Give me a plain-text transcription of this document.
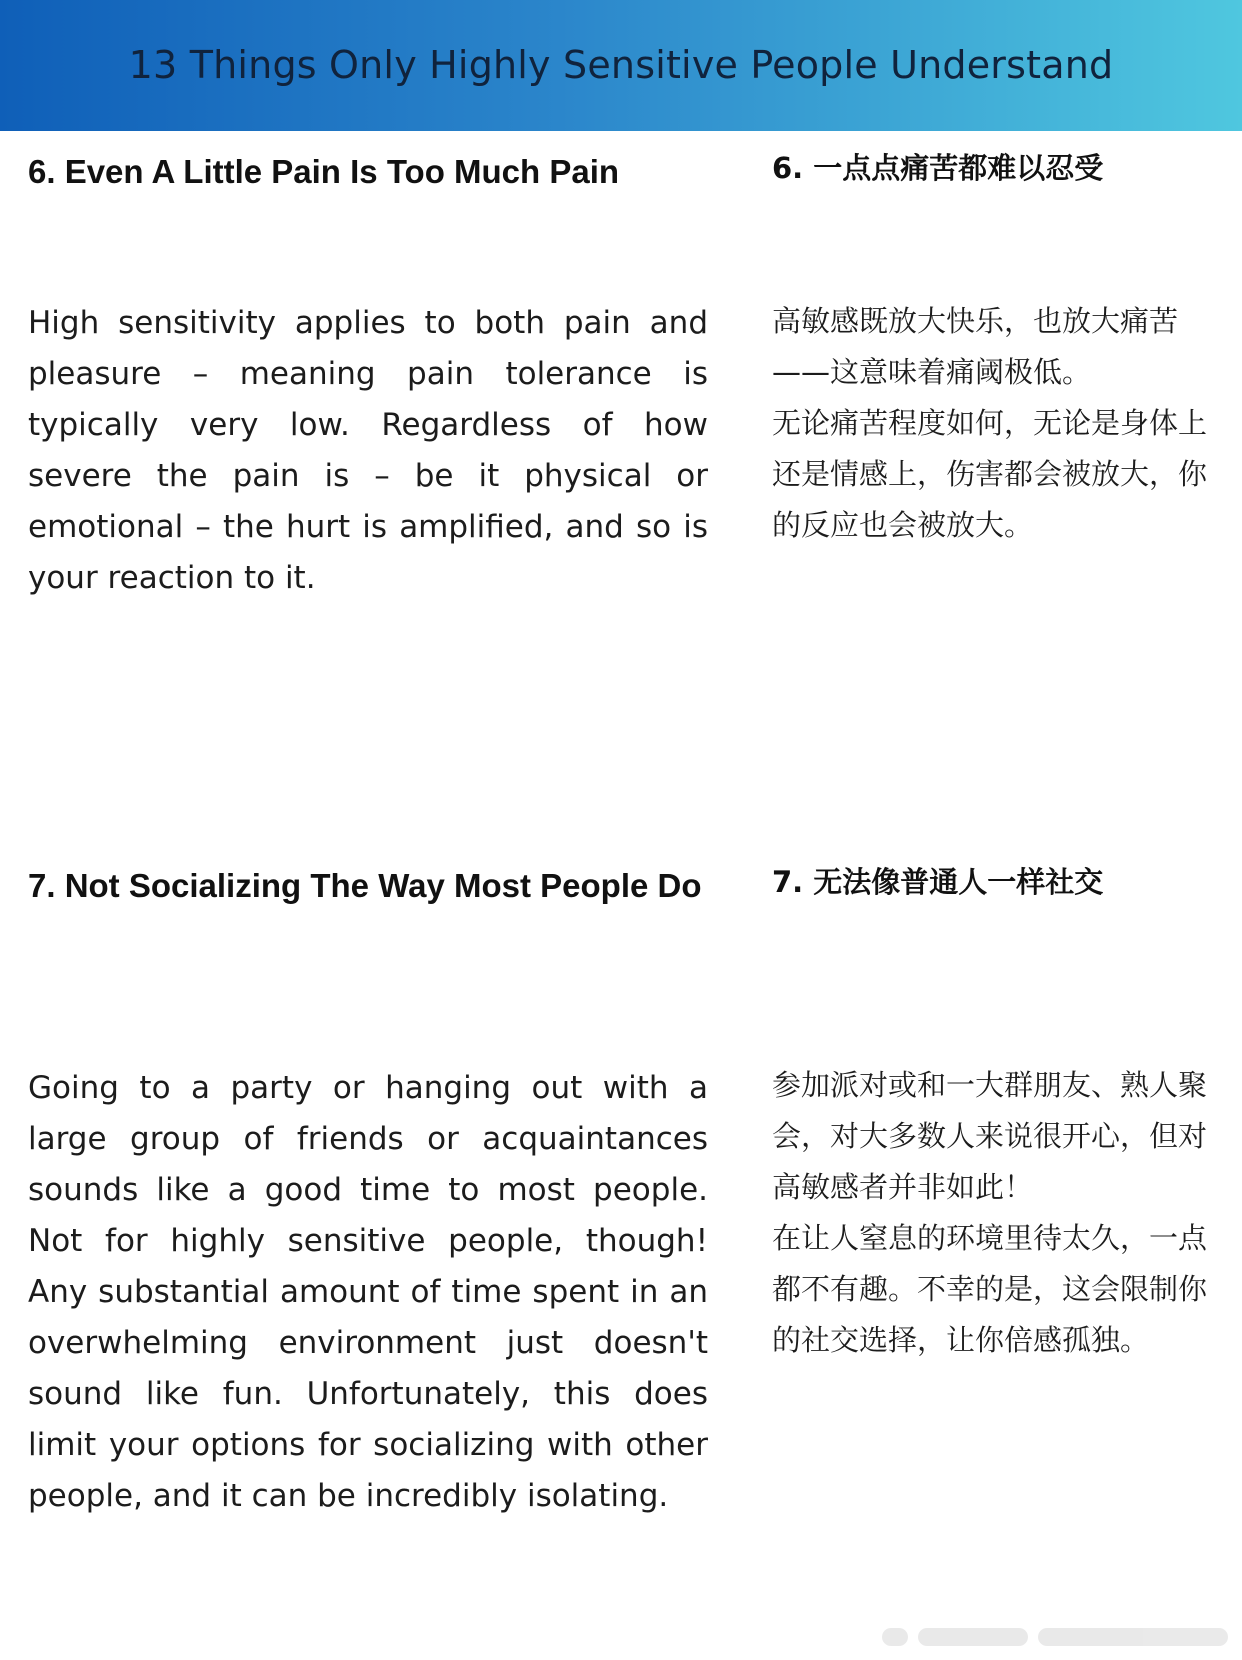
13 Things Only Highly Sensitive People Understand
6. Even A Little Pain Is Too Much Pain

High sensitivity applies to both pain and pleasure – meaning pain tolerance is typically very low. Regardless of how severe the pain is – be it physical or emotional – the hurt is amplified, and so is your reaction to it.

6. 一点点痛苦都难以忍受

高敏感既放大快乐，也放大痛苦——这意味着痛阈极低。

无论痛苦程度如何，无论是身体上还是情感上，伤害都会被放大，你的反应也会被放大。

7. Not Socializing The Way Most People Do

Going to a party or hanging out with a large group of friends or acquaintances sounds like a good time to most people. Not for highly sensitive people, though! Any substantial amount of time spent in an overwhelming environment just doesn't sound like fun. Unfortunately, this does limit your options for socializing with other people, and it can be incredibly isolating.

7. 无法像普通人一样社交

参加派对或和一大群朋友、熟人聚会，对大多数人来说很开心，但对高敏感者并非如此！

在让人窒息的环境里待太久，一点都不有趣。不幸的是，这会限制你的社交选择，让你倍感孤独。
